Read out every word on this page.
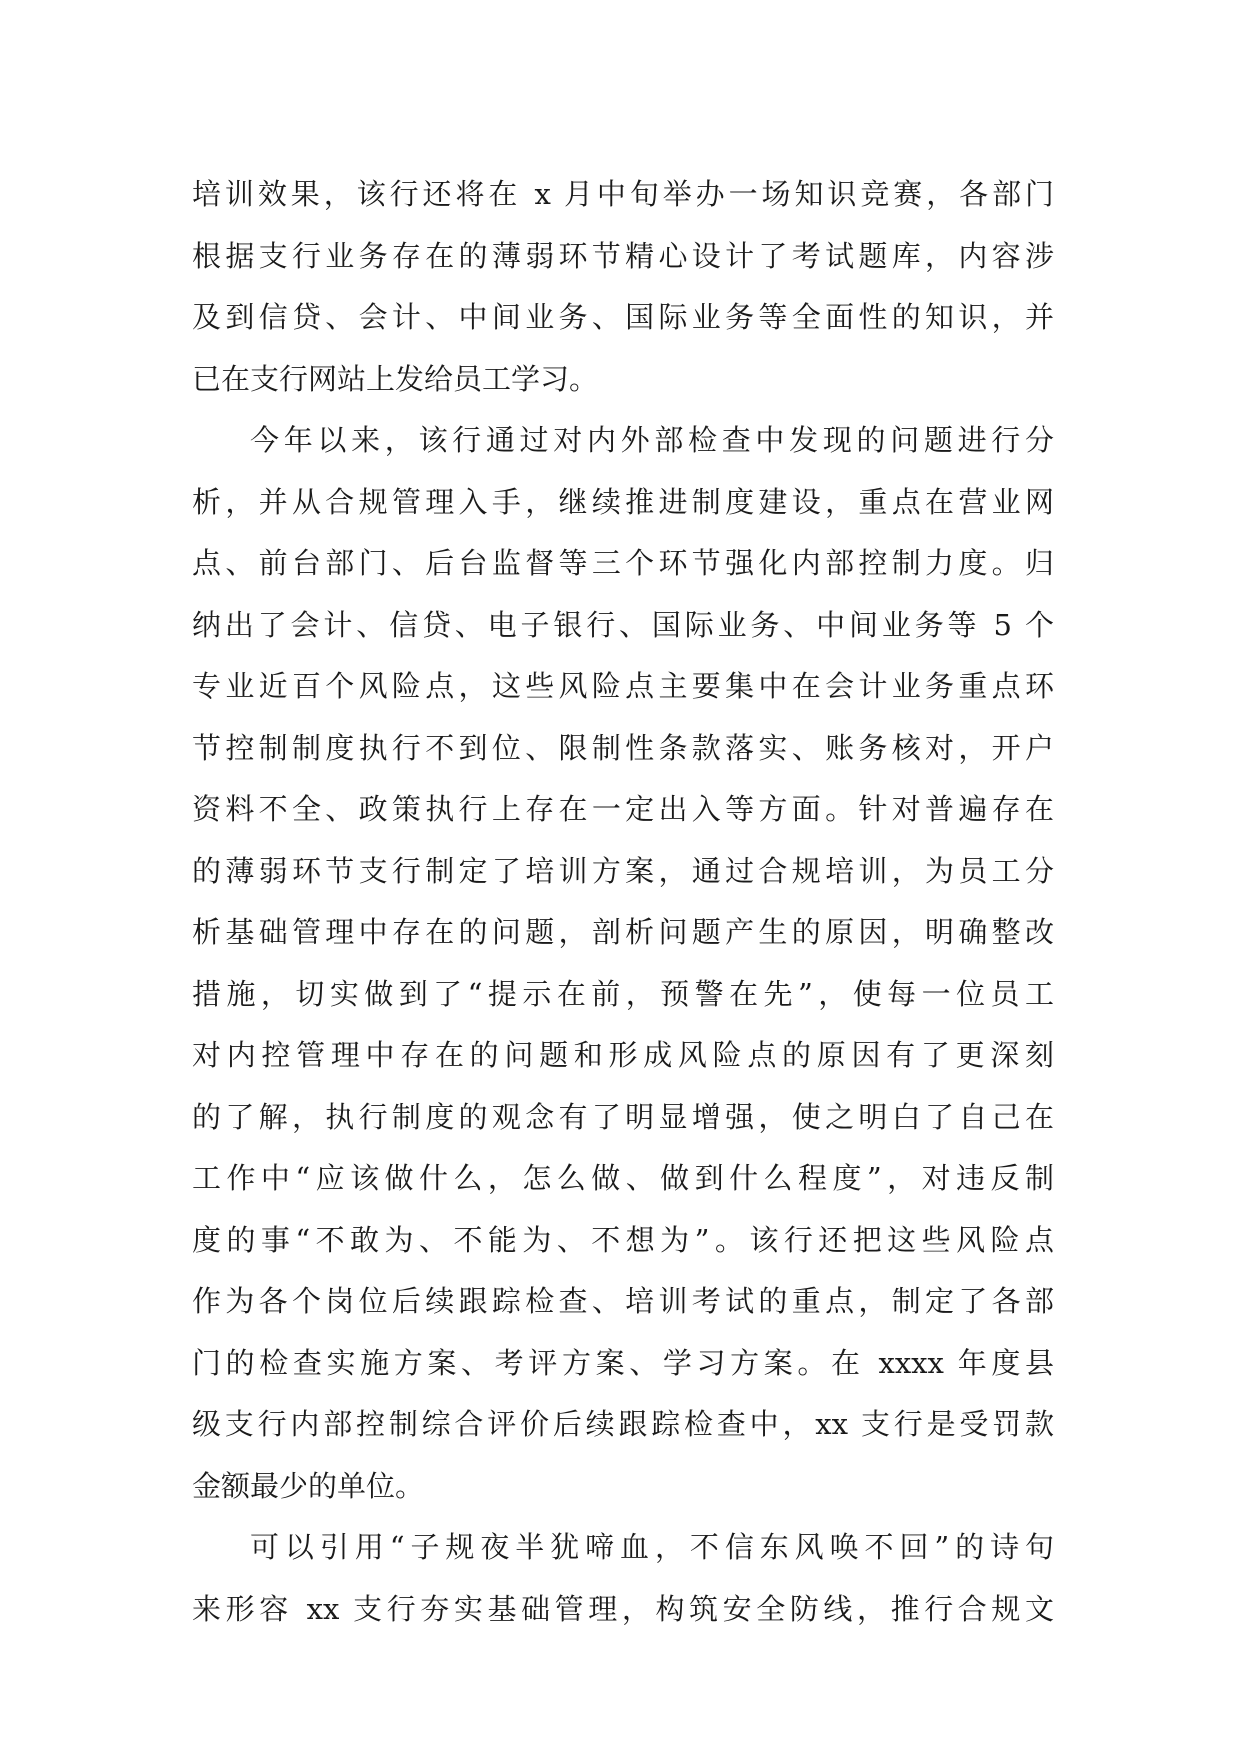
培训效果，该行还将在 x 月中旬举办一场知识竞赛，各部门
根据支行业务存在的薄弱环节精心设计了考试题库，内容涉
及到信贷、会计、中间业务、国际业务等全面性的知识，并
已在支行网站上发给员工学习。
今年以来，该行通过对内外部检查中发现的问题进行分
析，并从合规管理入手，继续推进制度建设，重点在营业网
点、前台部门、后台监督等三个环节强化内部控制力度。归
纳出了会计、信贷、电子银行、国际业务、中间业务等 5 个
专业近百个风险点，这些风险点主要集中在会计业务重点环
节控制制度执行不到位、限制性条款落实、账务核对，开户
资料不全、政策执行上存在一定出入等方面。针对普遍存在
的薄弱环节支行制定了培训方案，通过合规培训，为员工分
析基础管理中存在的问题，剖析问题产生的原因，明确整改
措施，切实做到了“提示在前，预警在先”，使每一位员工
对内控管理中存在的问题和形成风险点的原因有了更深刻
的了解，执行制度的观念有了明显增强，使之明白了自己在
工作中“应该做什么，怎么做、做到什么程度”，对违反制
度的事“不敢为、不能为、不想为”。该行还把这些风险点
作为各个岗位后续跟踪检查、培训考试的重点，制定了各部
门的检查实施方案、考评方案、学习方案。在 xxxx 年度县
级支行内部控制综合评价后续跟踪检查中，xx 支行是受罚款
金额最少的单位。
可以引用“子规夜半犹啼血，不信东风唤不回”的诗句
来形容 xx 支行夯实基础管理，构筑安全防线，推行合规文
